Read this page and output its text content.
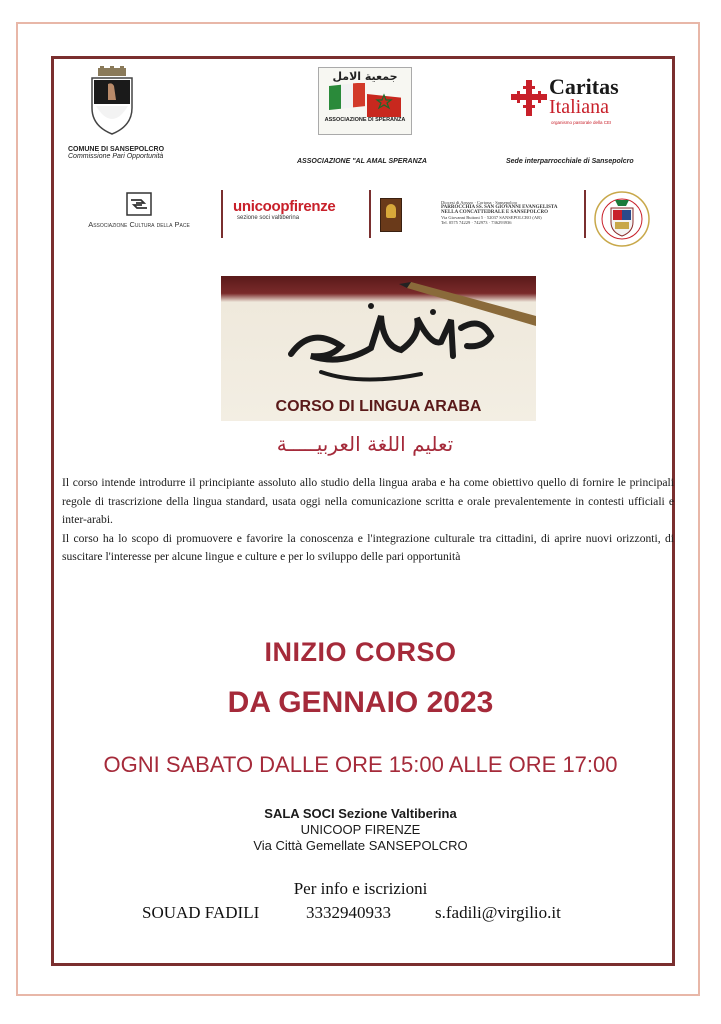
COMUNE DI SANSEPOLCRO
Commissione Pari Opportunità
جمعية الامل
ASSOCIAZIONE DI SPERANZA
ASSOCIAZIONE "AL AMAL SPERANZA
Caritas
Italiana
organismo pastorale della CEI
Sede interparrocchiale di Sansepolcro
Associazione Cultura della Pace
unicoopfirenze
sezione soci valtiberina
Diocesi di Arezzo · Cortona · Sansepolcro
PARROCCHIA SS. SAN GIOVANNI EVANGELISTA
NELLA CONCATTEDRALE E SANSEPOLCRO
Via Giovanni Buitoni 5 · 52037 SANSEPOLCRO (AR)
Tel. 0575 74229 · 742973 · 736293936
CORSO DI LINGUA ARABA
تعليم اللغة العربيـــــة

Il corso intende introdurre il principiante assoluto allo studio della lingua araba e ha come obiettivo quello di fornire le principali regole di trascrizione della lingua standard, usata oggi nella comunicazione scritta e orale prevalentemente in contesti ufficiali e inter-arabi.

Il corso ha lo scopo di promuovere e favorire la conoscenza e l'integrazione culturale tra cittadini, di aprire nuovi orizzonti, di suscitare l'interesse per alcune lingue e culture e per lo sviluppo delle pari opportunità

INIZIO CORSO
DA GENNAIO 2023
OGNI SABATO DALLE ORE 15:00 ALLE ORE 17:00
SALA SOCI Sezione Valtiberina
UNICOOP FIRENZE
Via Città Gemellate SANSEPOLCRO
Per info e iscrizioni
SOUAD FADILI	3332940933	s.fadili@virgilio.it
